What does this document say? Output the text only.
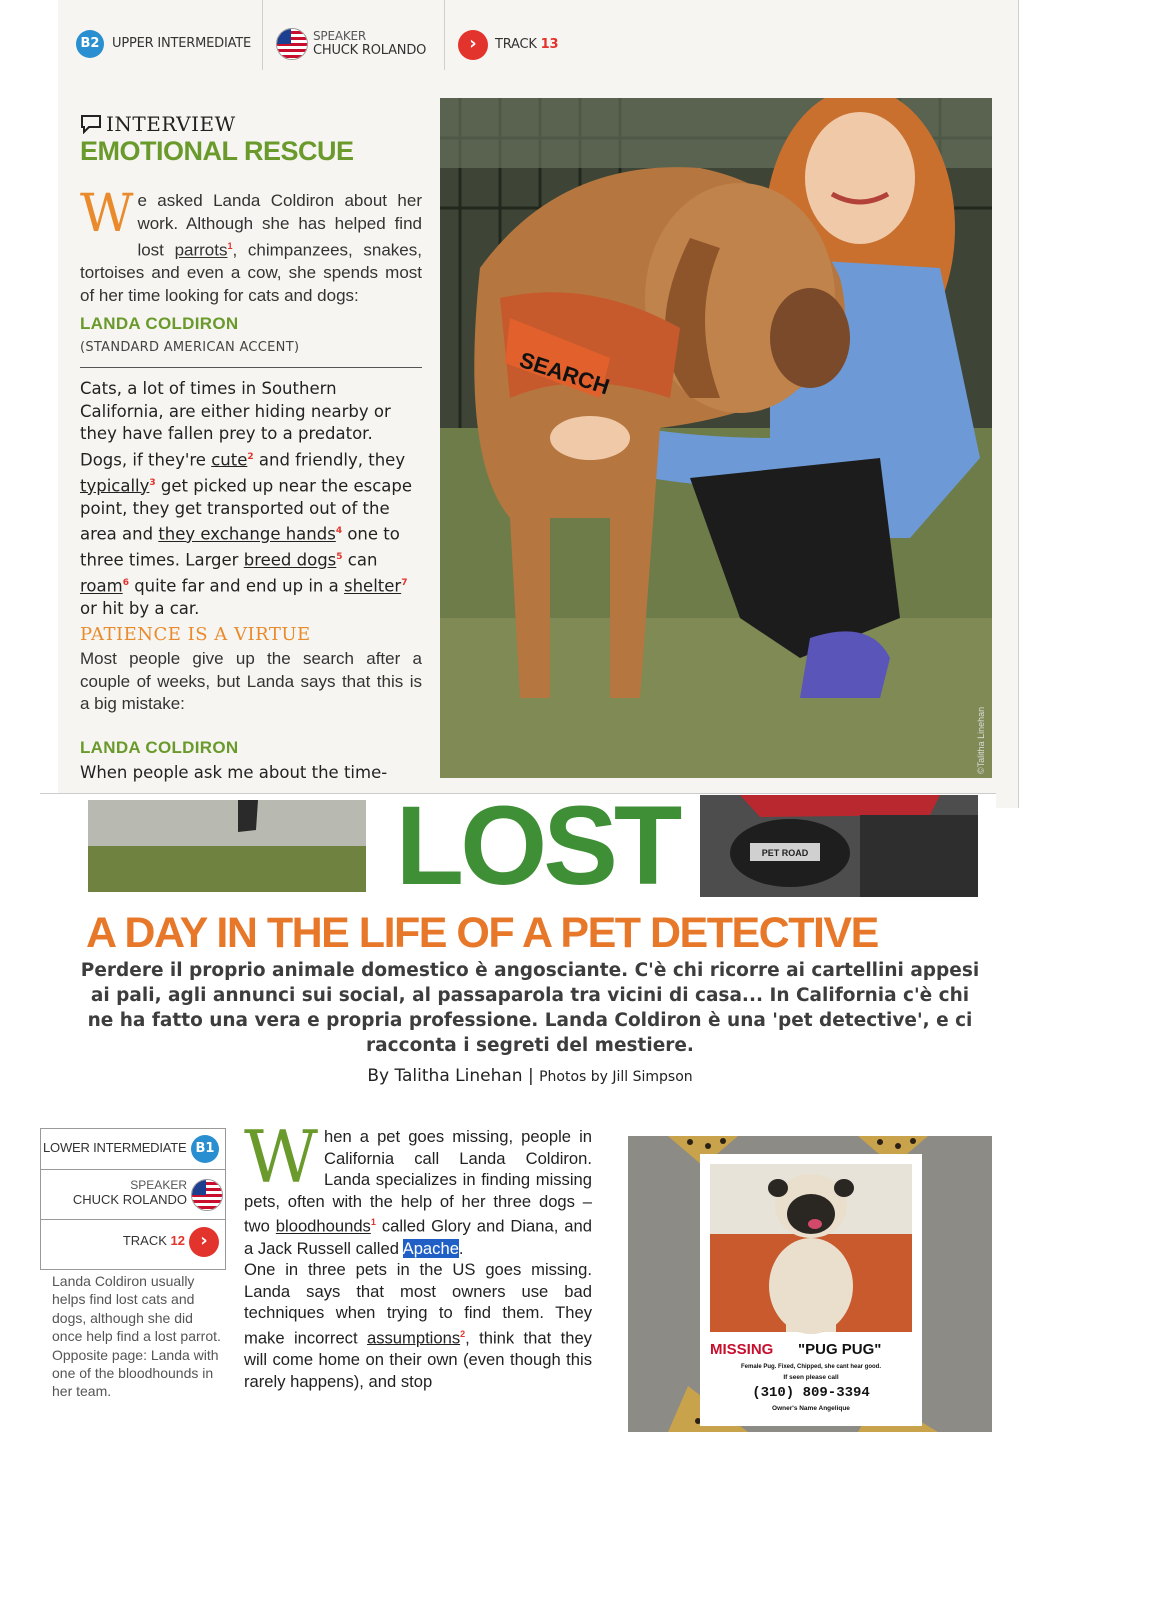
B2 UPPER INTERMEDIATE	SPEAKER
CHUCK ROLANDO	›	TRACK 13
INTERVIEW
EMOTIONAL RESCUE
We asked Landa Coldiron about her work. Although she has helped find lost parrots$^1$, chimpanzees, snakes, tortoises and even a cow, she spends most of her time looking for cats and dogs:
LANDA COLDIRON
(STANDARD AMERICAN ACCENT)
Cats, a lot of times in Southern California, are either hiding nearby or they have fallen prey to a predator. Dogs, if they're cute$^2$ and friendly, they typically$^3$ get picked up near the escape point, they get transported out of the area and they exchange hands$^4$ one to three times. Larger breed dogs$^5$ can roam$^6$ quite far and end up in a shelter$^7$ or hit by a car.
PATIENCE IS A VIRTUE
Most people give up the search after a couple of weeks, but Landa says that this is a big mistake:
LANDA COLDIRON
When people ask me about the time-
SEARCH
©Talitha Linehan
LOST	PET ROAD
A DAY IN THE LIFE OF A PET DETECTIVE
Perdere il proprio animale domestico è angosciante. C'è chi ricorre ai cartellini appesi ai pali, agli annunci sui social, al passaparola tra vicini di casa... In California c'è chi ne ha fatto una vera e propria professione. Landa Coldiron è una 'pet detective', e ci racconta i segreti del mestiere.
By Talitha Linehan | Photos by Jill Simpson
LOWER INTERMEDIATE B1
SPEAKER
CHUCK ROLANDO
TRACK 12 ›
Landa Coldiron usually helps find lost cats and dogs, although she did once help find a lost parrot. Opposite page: Landa with one of the bloodhounds in her team.
When a pet goes missing, people in California call Landa Coldiron. Landa specializes in finding missing pets, often with the help of her three dogs – two bloodhounds$^1$ called Glory and Diana, and a Jack Russell called Apache.
One in three pets in the US goes missing. Landa says that most owners use bad techniques when trying to find them. They make incorrect assumptions$^2$, think that they will come home on their own (even though this rarely happens), and stop
MISSING "PUG PUG"
Female Pug. Fixed, Chipped, she cant hear good.
If seen please call
(310) 809-3394
Owner's Name Angelique
